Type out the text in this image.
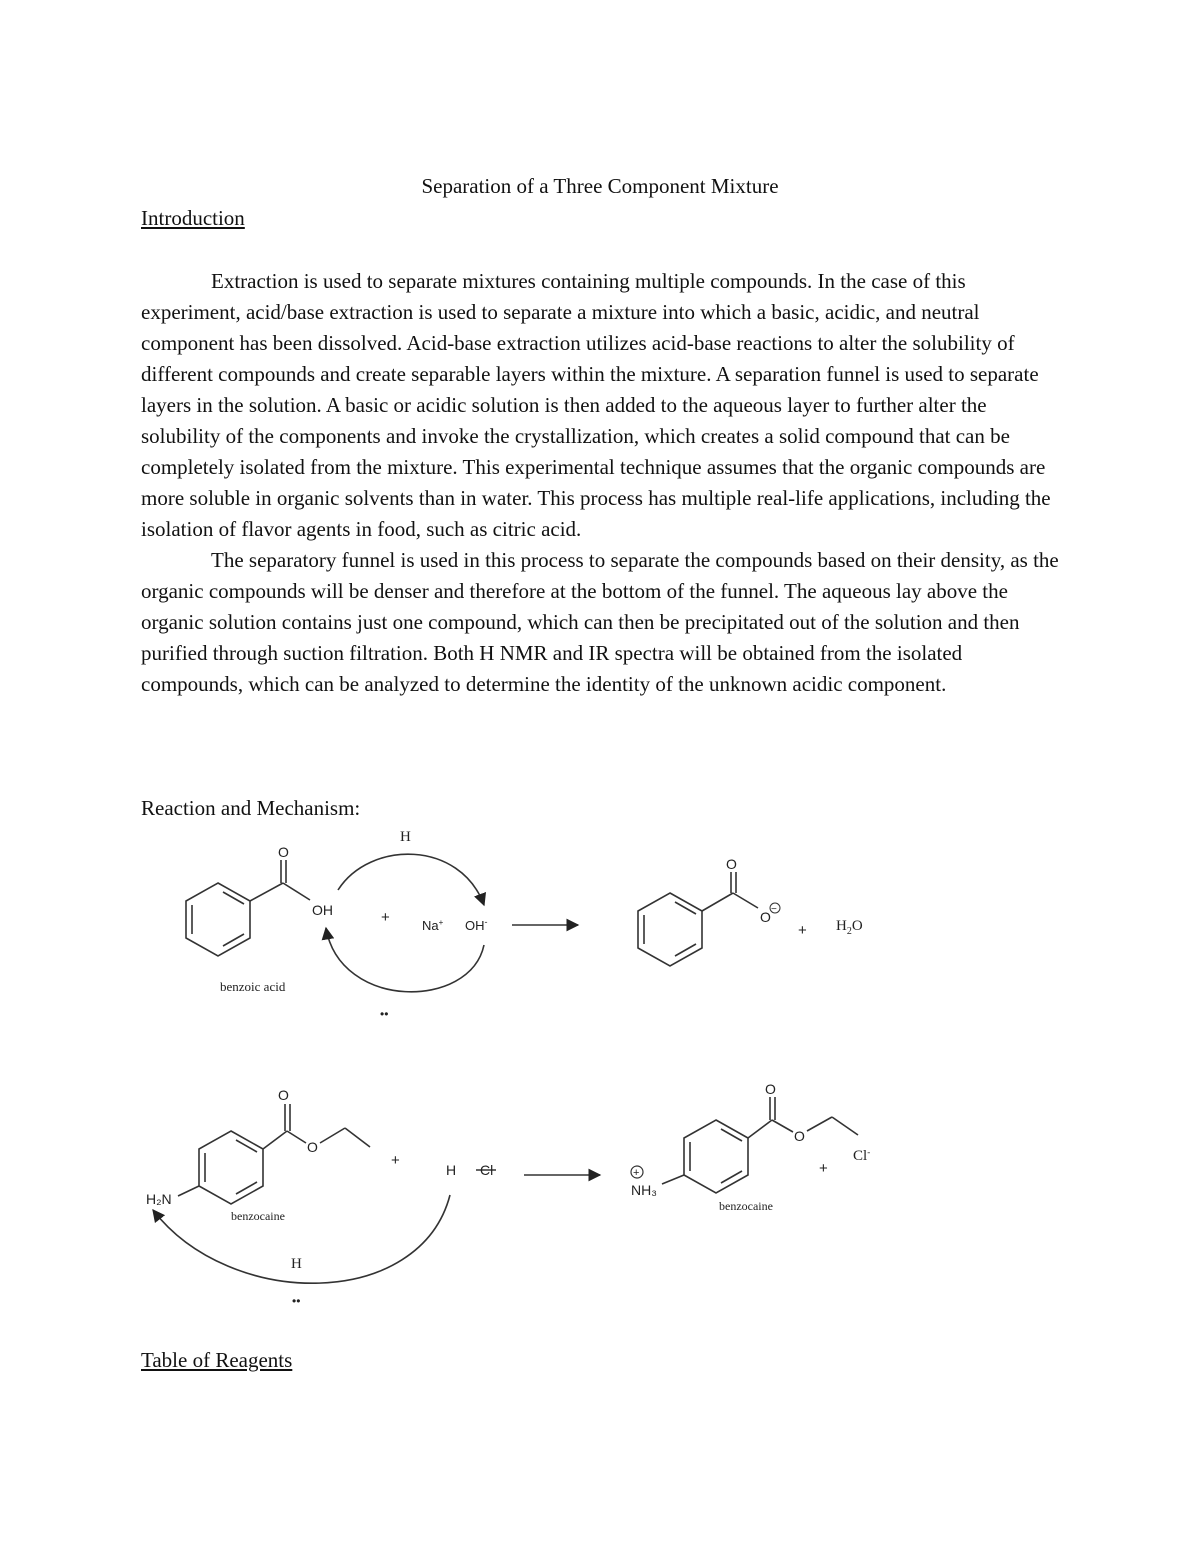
Separation of a Three Component Mixture
Introduction

Extraction is used to separate mixtures containing multiple compounds. In the case of this experiment, acid/base extraction is used to separate a mixture into which a basic, acidic, and neutral component has been dissolved. Acid-base extraction utilizes acid-base reactions to alter the solubility of different compounds and create separable layers within the mixture. A separation funnel is used to separate layers in the solution. A basic or acidic solution is then added to the aqueous layer to further alter the solubility of the components and invoke the crystallization, which creates a solid compound that can be completely isolated from the mixture. This experimental technique assumes that the organic compounds are more soluble in organic solvents than in water. This process has multiple real-life applications, including the isolation of flavor agents in food, such as citric acid.

The separatory funnel is used in this process to separate the compounds based on their density, as the organic compounds will be denser and therefore at the bottom of the funnel. The aqueous lay above the organic solution contains just one compound, which can then be precipitated out of the solution and then purified through suction filtration. Both H NMR and IR spectra will be obtained from the isolated compounds, which can be analyzed to determine the identity of the unknown acidic component.

Reaction and Mechanism:
O
OH
benzoic acid
H
+ Na+ OH-
••
O
O −
+ $H_2O$
O
O
H₂N
benzocaine
+
H Cl
H
••
O
O
+
NH₃
benzocaine
+
Cl-
Table of Reagents
